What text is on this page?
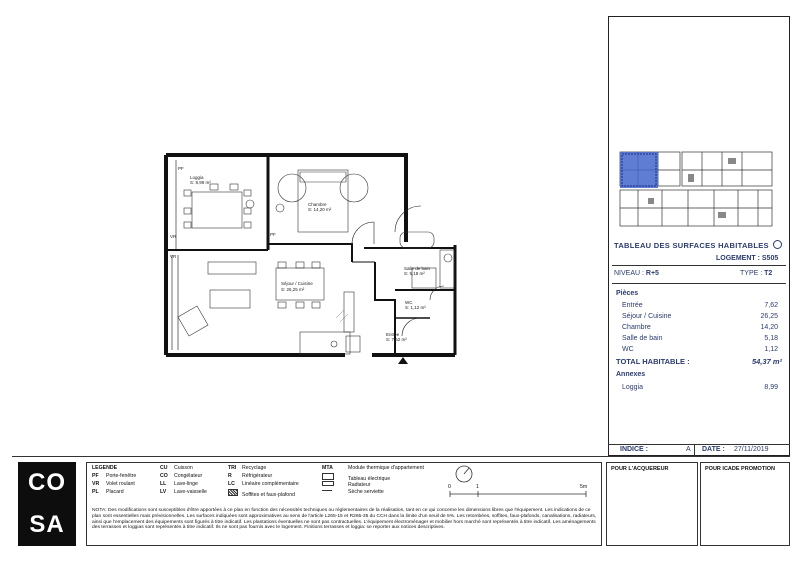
Loggia
S: 8,99 m²
Chambre
S: 14,20 m²
Séjour / Cuisine
S: 26,25 m²
Salle de bain
S: 5,18 m²
WC
S: 1,12 m²
Entrée
S: 7,62 m²
PF
VR	PF
VR
TABLEAU DES SURFACES HABITABLES
LOGEMENT : S505
NIVEAU : R+5	TYPE : T2
Pièces
Entrée	7,62
Séjour / Cuisine	26,25
Chambre	14,20
Salle de bain	5,18
WC	1,12
TOTAL HABITABLE :	54,37 m²
Annexes
Loggia	8,99
INDICE :	A DATE : 27/11/2019
CO
SA
LEGENDE
PF Porte-fenêtre
VR Volet roulant
PL Placard
CU Cuisson
CO Congélateur
LL Lave-linge
LV Lave-vaisselle
TRI Recyclage
R Réfrigérateur
LC Linéaire complémentaire
Soffites et faux-plafond
MTA	Module thermique d'appartement
Tableau électrique
Radiateur
Sèche serviette
0	1	5m
NOTA: Des modifications sont susceptibles d'être apportées à ce plan en fonction des nécessités techniques ou réglementaires de la réalisation, tant en ce qui concerne les dimensions libres que l'équipement. Les indications de ce plan sont essentielles mais prévisionnelles. Les surfaces indiquées sont approximatives au sens de l'article L265-15 et R265-35 du CCH dans la limite d'un seuil de 5%. Les retombées, soffites, faux-plafonds, canalisations, radiateurs, ainsi que l'emplacement des équipements sont figurés à titre indicatif. Les plantations éventuelles ne sont pas contractuelles. L'équipement électroménager et mobilier hors marché sont représentés à titre indicatif. Les aménagements des terrasses et loggias sont représentés à titre indicatif. Ils ne sont pas fournis avec le logement. Finitions terrasses et loggia: se reporter aux notices descriptives.
POUR L'ACQUEREUR	POUR ICADE PROMOTION
